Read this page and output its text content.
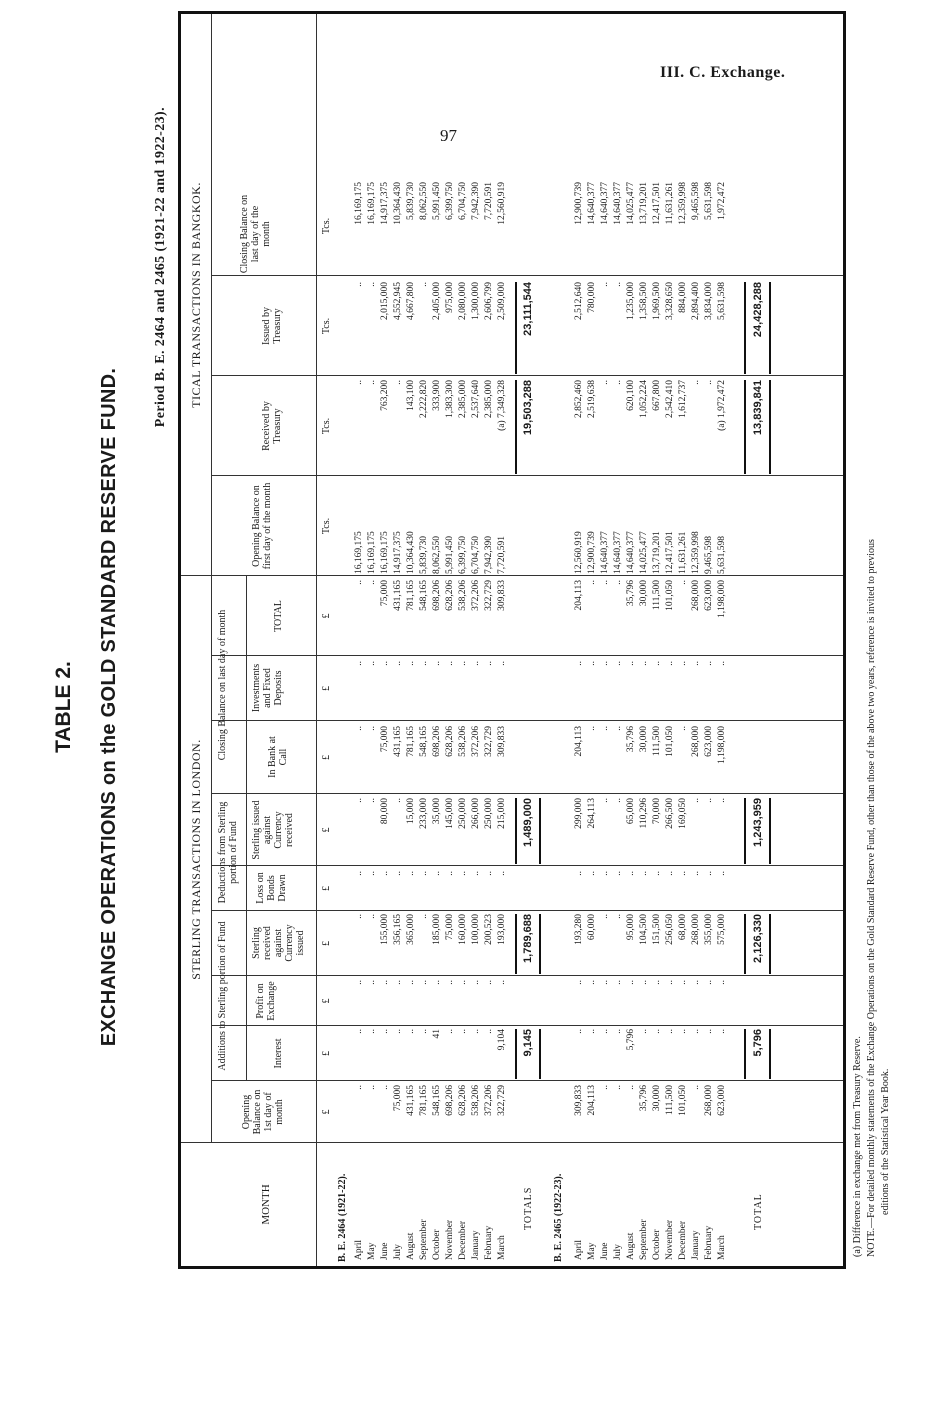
III. C. Exchange.
97
TABLE 2. EXCHANGE OPERATIONS on the GOLD STANDARD RESERVE FUND.
Period B. E. 2464 and 2465 (1921-22 and 1922-23).
STERLING TRANSACTIONS IN LONDON.
TICAL TRANSACTIONS IN BANGKOK.
Additions to Sterling portion of Fund
Deductions from Sterling portion of Fund
Closing Balance on last day of month
MONTH
Opening Balance on 1st day of month
Interest
Profit on Exchange
Sterling received against Currency issued
Loss on Bonds Drawn
Sterling issued against Currency received
In Bank at Call
Investments and Fixed Deposits
TOTAL
Opening Balance on first day of the month
Received by Treasury
Issued by Treasury
Closing Balance on last day of the month
£
£
£
£
£
£
£
£
£
Tcs.
Tcs.
Tcs.
Tcs.
B. E. 2464 (1921-22). April May June July August September October November December January February March
.. .. .. 75,000 431,165 781,165 548,165 698,206 628,206 538,206 372,206 322,729
.. .. .. .. .. .. 41 .. .. .. .. 9,104
.. .. .. .. .. .. .. .. .. .. .. ..
.. .. 155,000 356,165 365,000 .. 185,000 75,000 160,000 100,000 200,523 193,000
.. .. .. .. .. .. .. .. .. .. .. ..
.. .. 80,000 .. 15,000 233,000 35,000 145,000 250,000 266,000 250,000 215,000
.. .. 75,000 431,165 781,165 548,165 698,206 628,206 538,206 372,206 322,729 309,833
.. .. .. .. .. .. .. .. .. .. .. ..
.. .. 75,000 431,165 781,165 548,165 698,206 628,206 538,206 372,206 322,729 309,833
16,169,175 16,169,175 16,169,175 14,917,375 10,364,430 5,839,730 8,062,550 5,991,450 6,399,750 6,704,750 7,942,390 7,720,591
.. .. 763,200 .. 143,100 2,222,820 333,900 1,383,300 2,385,000 2,537,640 2,385,000 (a) 7,349,328
.. .. 2,015,000 4,552,945 4,667,800 .. 2,405,000 975,000 2,080,000 1,300,000 2,606,799 2,509,000
16,169,175 16,169,175 14,917,375 10,364,430 5,839,730 8,062,550 5,991,450 6,399,750 6,704,750 7,942,390 7,720,591 12,560,919
TOTALS
9,145
1,789,688
1,489,000
19,503,288
23,111,544
B. E. 2465 (1922-23). April May June July August September October November December January February March
309,833 204,113 .. .. .. 35,796 30,000 111,500 101,050 .. 268,000 623,000
.. .. .. .. 5,796 .. .. .. .. .. .. ..
.. .. .. .. .. .. .. .. .. .. .. ..
193,280 60,000 .. .. 95,000 104,500 151,500 256,050 68,000 268,000 355,000 575,000
.. .. .. .. .. .. .. .. .. .. .. ..
299,000 264,113 .. .. 65,000 110,296 70,000 266,500 169,050 .. .. ..
204,113 .. .. .. 35,796 30,000 111,500 101,050 .. 268,000 623,000 1,198,000
.. .. .. .. .. .. .. .. .. .. .. ..
204,113 .. .. .. 35,796 30,000 111,500 101,050 .. 268,000 623,000 1,198,000
12,560,919 12,900,739 14,640,377 14,640,377 14,640,377 14,025,477 13,719,201 12,417,501 11,631,261 12,359,998 9,465,598 5,631,598
2,852,460 2,519,638 .. .. 620,100 1,052,224 667,800 2,542,410 1,612,737 .. .. (a) 1,972,472
2,512,640 780,000 .. .. 1,235,000 1,358,500 1,969,500 3,328,650 884,000 2,894,400 3,834,000 5,631,598
12,900,739 14,640,377 14,640,377 14,640,377 14,025,477 13,719,201 12,417,501 11,631,261 12,359,998 9,465,598 5,631,598 1,972,472
TOTAL
5,796
2,126,330
1,243,959
13,839,841
24,428,288
(a) Difference in exchange met from Treasury Reserve. NOTE.—For detailed monthly statements of the Exchange Operations on the Gold Standard Reserve Fund, other than those of the above two years, reference is invited to previous editions of the Statistical Year Book.
